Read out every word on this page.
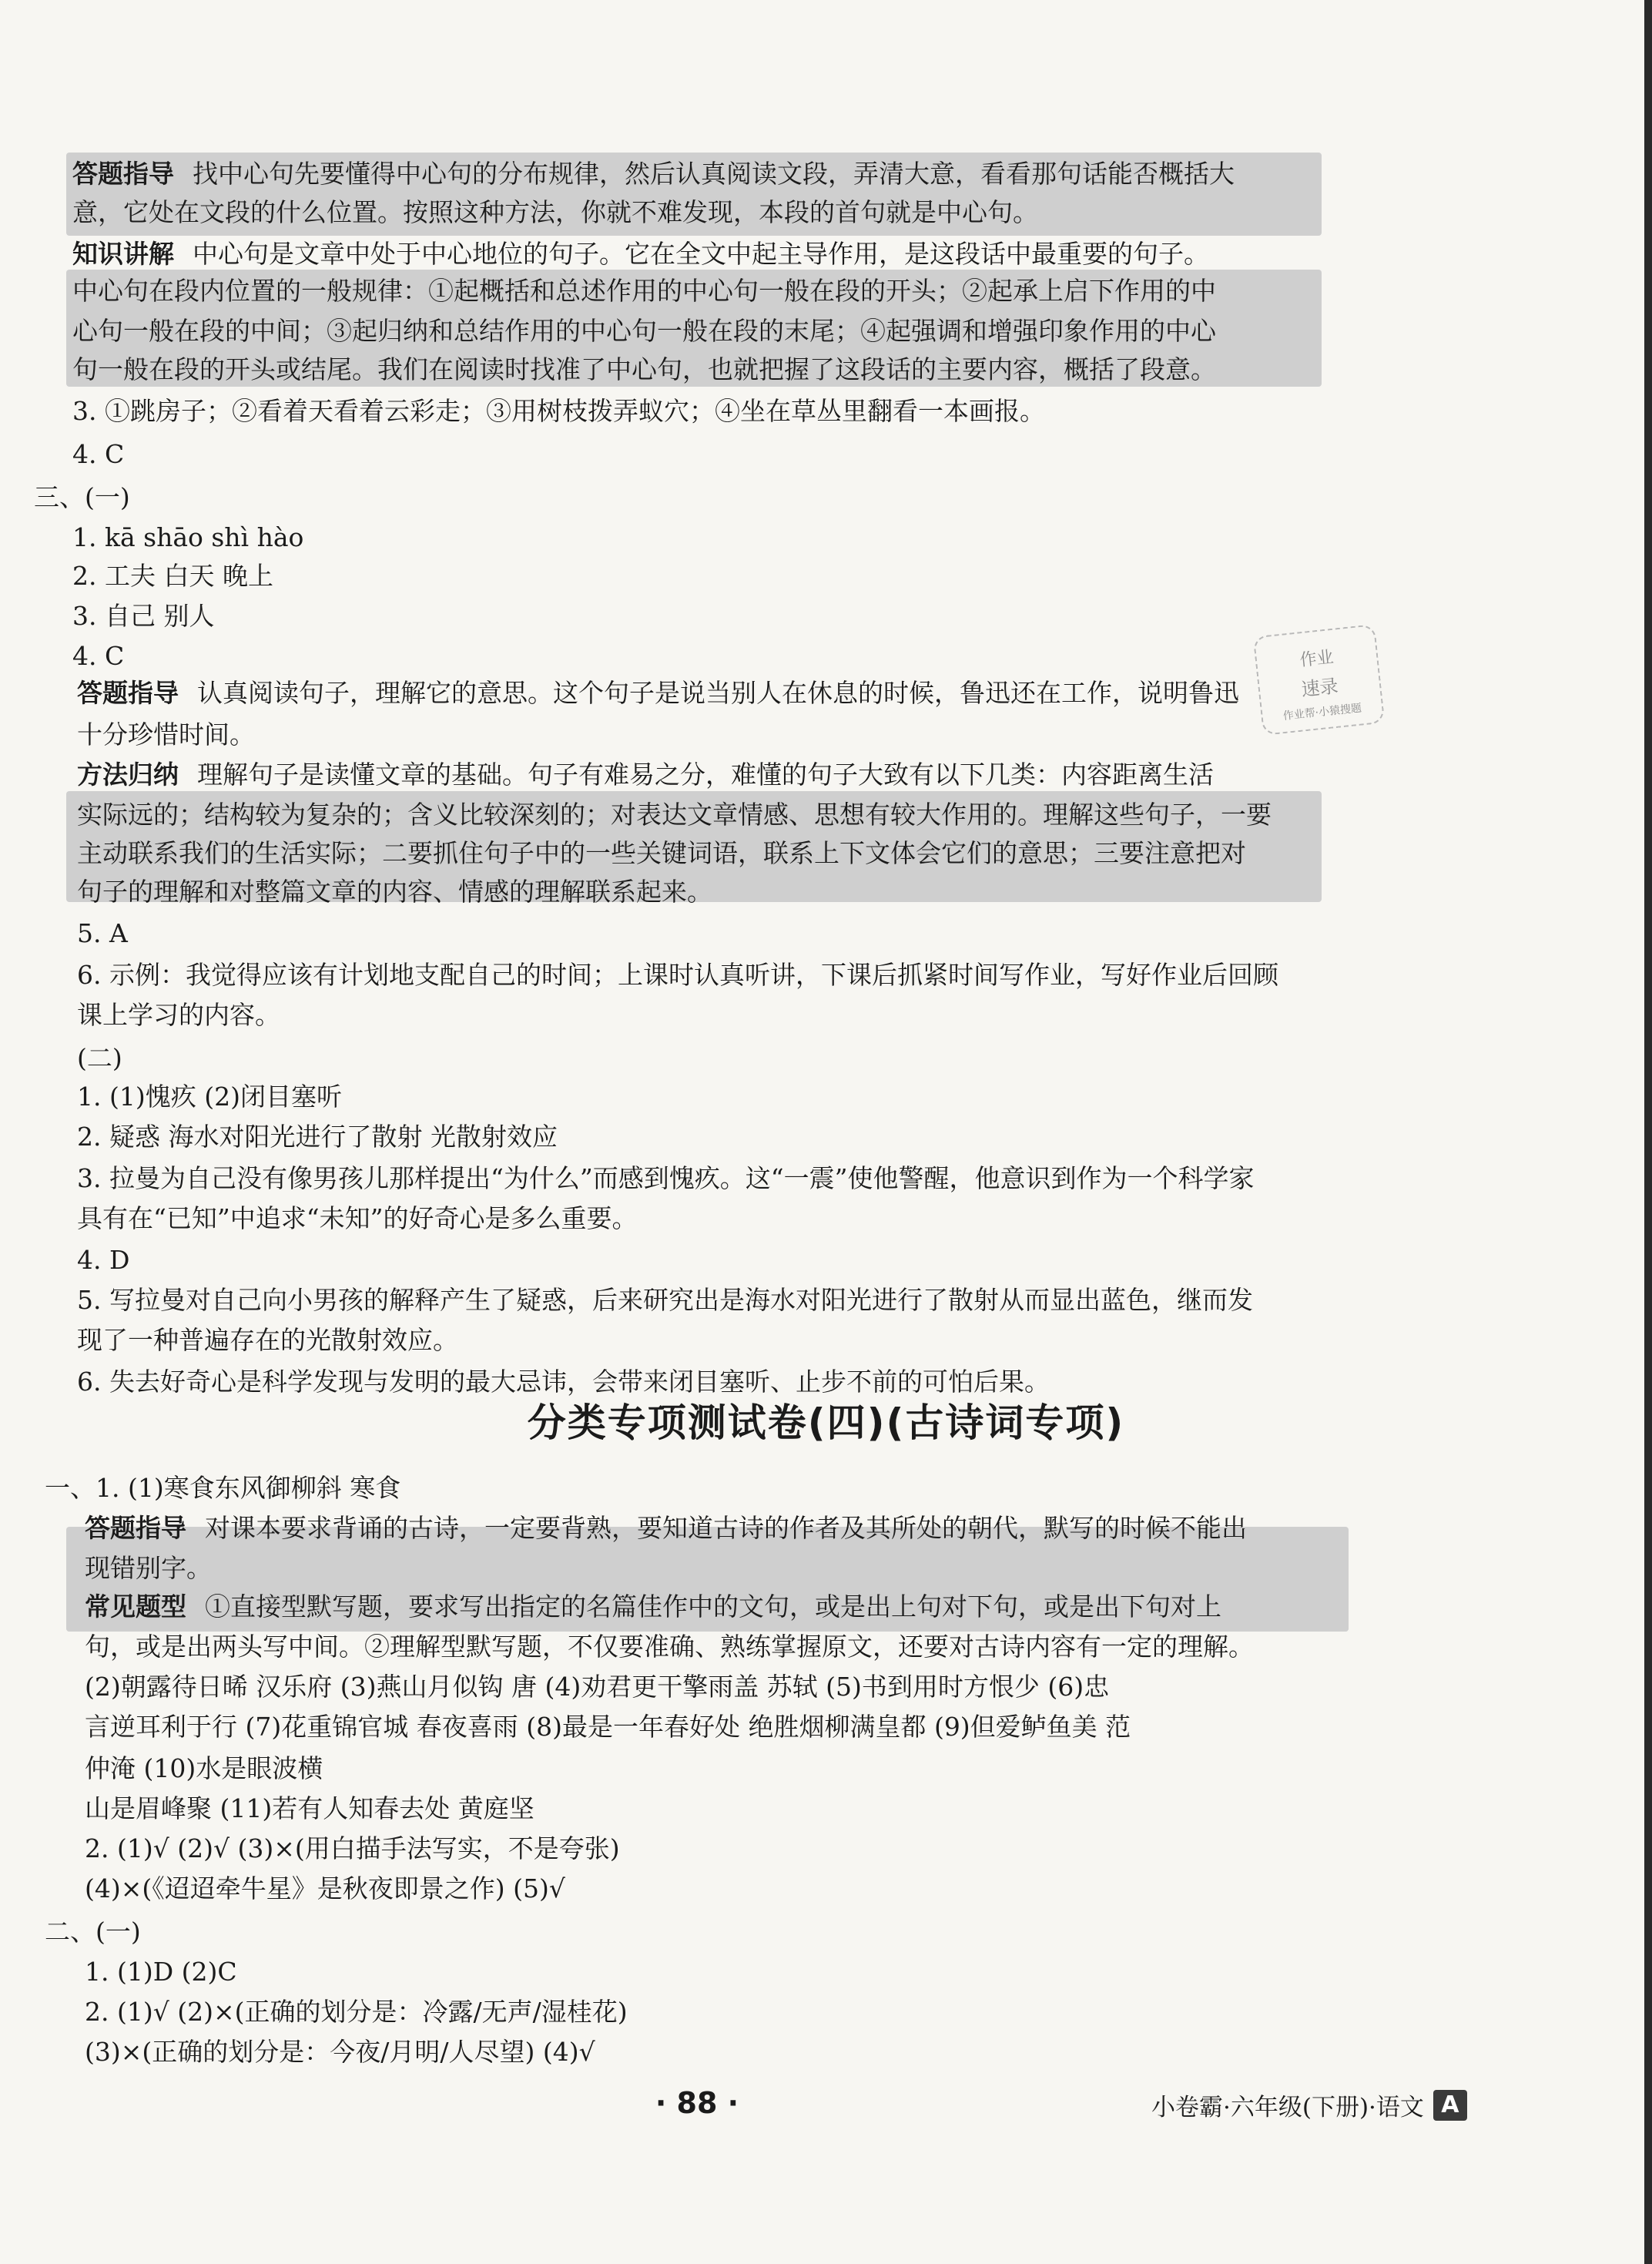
答题指导 找中心句先要懂得中心句的分布规律，然后认真阅读文段，弄清大意，看看那句话能否概括大
意，它处在文段的什么位置。按照这种方法，你就不难发现，本段的首句就是中心句。
知识讲解 中心句是文章中处于中心地位的句子。它在全文中起主导作用，是这段话中最重要的句子。
中心句在段内位置的一般规律：①起概括和总述作用的中心句一般在段的开头；②起承上启下作用的中
心句一般在段的中间；③起归纳和总结作用的中心句一般在段的末尾；④起强调和增强印象作用的中心
句一般在段的开头或结尾。我们在阅读时找准了中心句，也就把握了这段话的主要内容，概括了段意。
3. ①跳房子；②看着天看着云彩走；③用树枝拨弄蚁穴；④坐在草丛里翻看一本画报。
4. C
三、(一)
1. kā shāo shì hào
2. 工夫 白天 晚上
3. 自己 别人
4. C
答题指导 认真阅读句子，理解它的意思。这个句子是说当别人在休息的时候，鲁迅还在工作，说明鲁迅
十分珍惜时间。
方法归纳 理解句子是读懂文章的基础。句子有难易之分，难懂的句子大致有以下几类：内容距离生活
实际远的；结构较为复杂的；含义比较深刻的；对表达文章情感、思想有较大作用的。理解这些句子，一要
主动联系我们的生活实际；二要抓住句子中的一些关键词语，联系上下文体会它们的意思；三要注意把对
句子的理解和对整篇文章的内容、情感的理解联系起来。
5. A
6. 示例：我觉得应该有计划地支配自己的时间；上课时认真听讲，下课后抓紧时间写作业，写好作业后回顾
课上学习的内容。
(二)
1. (1)愧疚 (2)闭目塞听
2. 疑惑 海水对阳光进行了散射 光散射效应
3. 拉曼为自己没有像男孩儿那样提出“为什么”而感到愧疚。这“一震”使他警醒，他意识到作为一个科学家
具有在“已知”中追求“未知”的好奇心是多么重要。
4. D
5. 写拉曼对自己向小男孩的解释产生了疑惑，后来研究出是海水对阳光进行了散射从而显出蓝色，继而发
现了一种普遍存在的光散射效应。
6. 失去好奇心是科学发现与发明的最大忌讳，会带来闭目塞听、止步不前的可怕后果。
一、1. (1)寒食东风御柳斜 寒食
答题指导 对课本要求背诵的古诗，一定要背熟，要知道古诗的作者及其所处的朝代，默写的时候不能出
现错别字。
常见题型 ①直接型默写题，要求写出指定的名篇佳作中的文句，或是出上句对下句，或是出下句对上
句，或是出两头写中间。②理解型默写题，不仅要准确、熟练掌握原文，还要对古诗内容有一定的理解。
(2)朝露待日晞 汉乐府 (3)燕山月似钩 唐 (4)劝君更干擎雨盖 苏轼 (5)书到用时方恨少 (6)忠
言逆耳利于行 (7)花重锦官城 春夜喜雨 (8)最是一年春好处 绝胜烟柳满皇都 (9)但爱鲈鱼美 范
仲淹 (10)水是眼波横
山是眉峰聚 (11)若有人知春去处 黄庭坚
2. (1)√ (2)√ (3)×(用白描手法写实，不是夸张)
(4)×(《迢迢牵牛星》是秋夜即景之作) (5)√
二、(一)
1. (1)D (2)C
2. (1)√ (2)×(正确的划分是：冷露/无声/湿桂花)
(3)×(正确的划分是：今夜/月明/人尽望) (4)√
分类专项测试卷(四)(古诗词专项)
作业
速录
作业帮·小猿搜题
· 88 ·	小卷霸·六年级(下册)·语文 A
